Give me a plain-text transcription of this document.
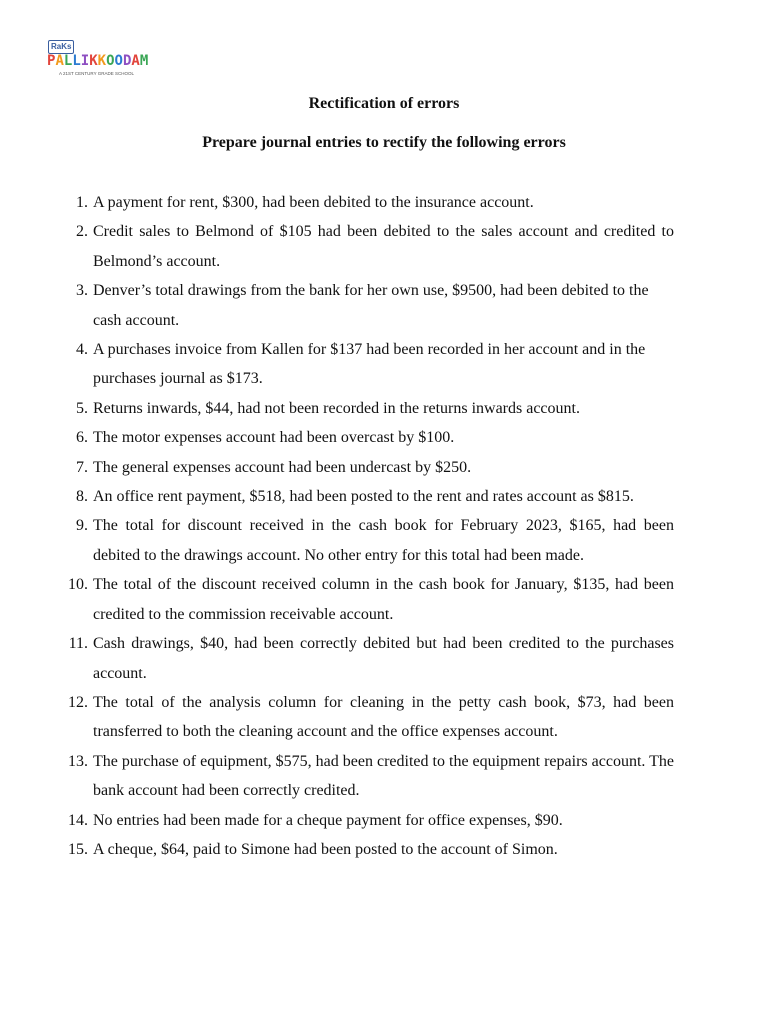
RaKs
PALLIKKOODAM
A 21ST CENTURY GRADE SCHOOL
Rectification of errors
Prepare journal entries to rectify the following errors
1. A payment for rent, $300, had been debited to the insurance account.
2. Credit sales to Belmond of $105 had been debited to the sales account and credited to Belmond’s account.
3. Denver’s total drawings from the bank for her own use, $9500, had been debited to the cash account.
4. A purchases invoice from Kallen for $137 had been recorded in her account and in the purchases journal as $173.
5. Returns inwards, $44, had not been recorded in the returns inwards account.
6. The motor expenses account had been overcast by $100.
7. The general expenses account had been undercast by $250.
8. An office rent payment, $518, had been posted to the rent and rates account as $815.
9. The total for discount received in the cash book for February 2023, $165, had been debited to the drawings account. No other entry for this total had been made.
10. The total of the discount received column in the cash book for January, $135, had been credited to the commission receivable account.
11. Cash drawings, $40, had been correctly debited but had been credited to the purchases account.
12. The total of the analysis column for cleaning in the petty cash book, $73, had been transferred to both the cleaning account and the office expenses account.
13. The purchase of equipment, $575, had been credited to the equipment repairs account. The bank account had been correctly credited.
14. No entries had been made for a cheque payment for office expenses, $90.
15. A cheque, $64, paid to Simone had been posted to the account of Simon.
